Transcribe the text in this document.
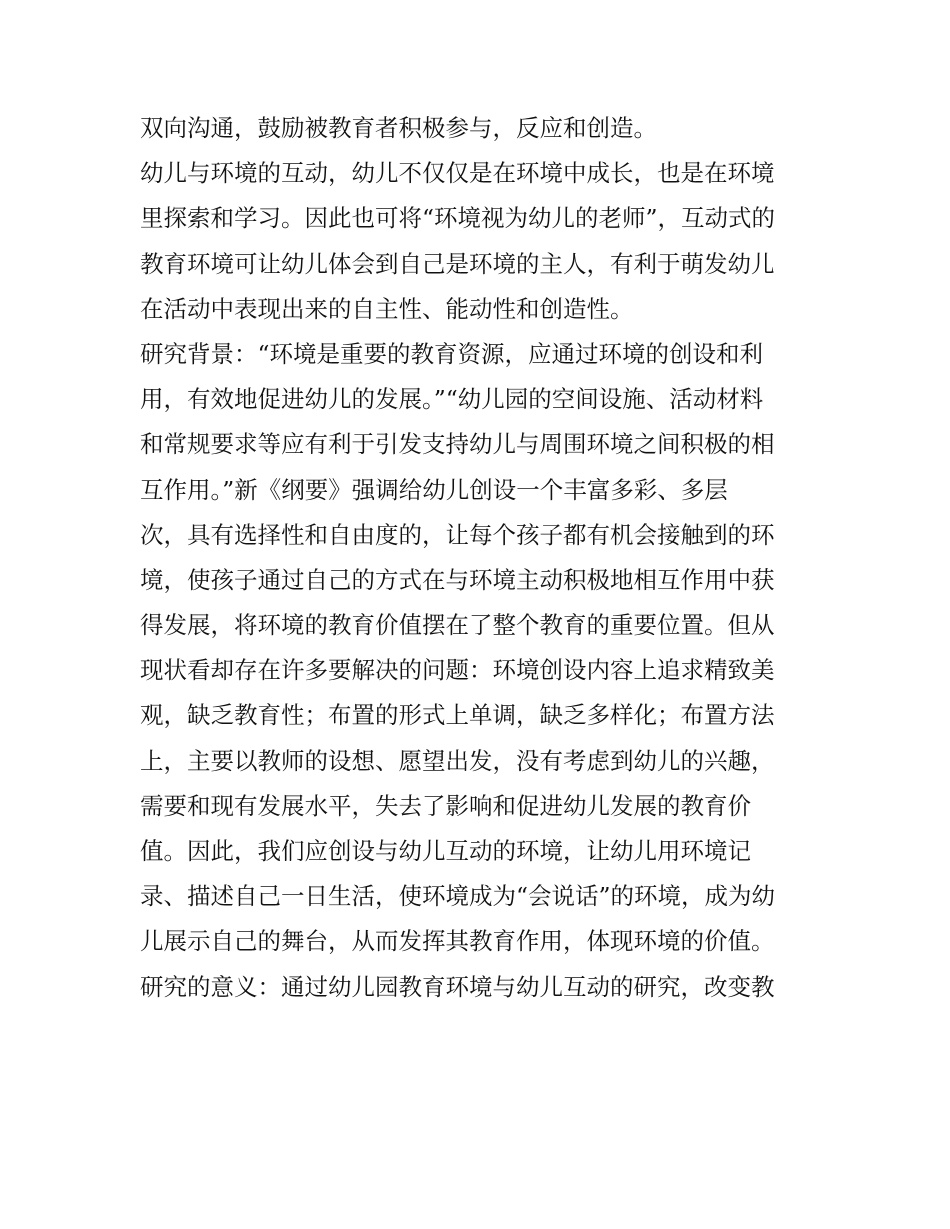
双向沟通，鼓励被教育者积极参与，反应和创造。
幼儿与环境的互动，幼儿不仅仅是在环境中成长，也是在环境
里探索和学习。因此也可将“环境视为幼儿的老师”，互动式的
教育环境可让幼儿体会到自己是环境的主人，有利于萌发幼儿
在活动中表现出来的自主性、能动性和创造性。
研究背景：“环境是重要的教育资源，应通过环境的创设和利
用，有效地促进幼儿的发展。”“幼儿园的空间设施、活动材料
和常规要求等应有利于引发支持幼儿与周围环境之间积极的相
互作用。”新《纲要》强调给幼儿创设一个丰富多彩、多层
次，具有选择性和自由度的，让每个孩子都有机会接触到的环
境，使孩子通过自己的方式在与环境主动积极地相互作用中获
得发展，将环境的教育价值摆在了整个教育的重要位置。但从
现状看却存在许多要解决的问题：环境创设内容上追求精致美
观，缺乏教育性；布置的形式上单调，缺乏多样化；布置方法
上，主要以教师的设想、愿望出发，没有考虑到幼儿的兴趣，
需要和现有发展水平，失去了影响和促进幼儿发展的教育价
值。因此，我们应创设与幼儿互动的环境，让幼儿用环境记
录、描述自己一日生活，使环境成为“会说话”的环境，成为幼
儿展示自己的舞台，从而发挥其教育作用，体现环境的价值。
研究的意义：通过幼儿园教育环境与幼儿互动的研究，改变教
